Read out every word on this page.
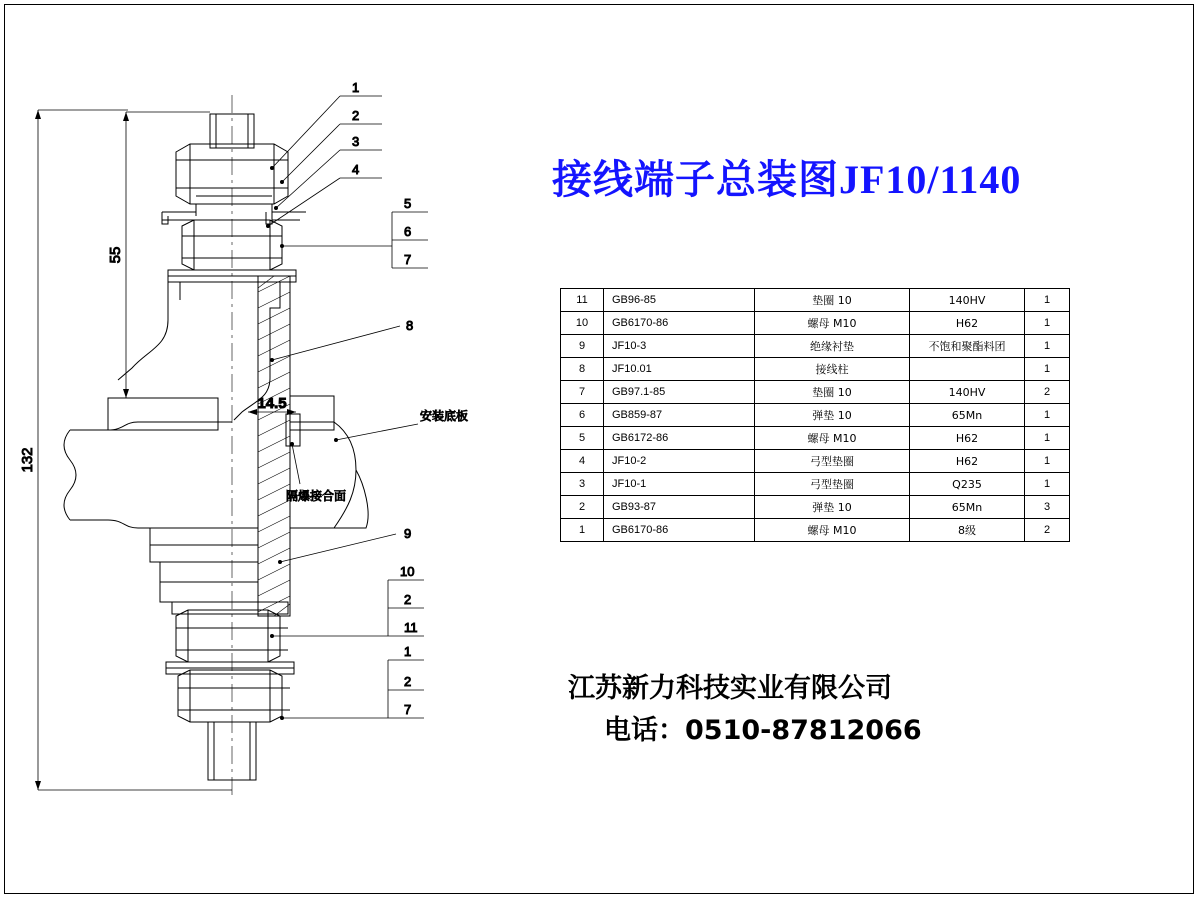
132
55
14.5
1
2
3
4
5
6
7
8
9
安装底板
隔爆接合面
10
2
11
1
2
7
接线端子总装图JF10/1140
11	GB96-85	垫圈 10	140HV	1
10	GB6170-86	螺母 M10	H62	1
9	JF10-3	绝缘衬垫	不饱和聚酯料团	1
8	JF10.01	接线柱		1
7	GB97.1-85	垫圈 10	140HV	2
6	GB859-87	弹垫 10	65Mn	1
5	GB6172-86	螺母 M10	H62	1
4	JF10-2	弓型垫圈	H62	1
3	JF10-1	弓型垫圈	Q235	1
2	GB93-87	弹垫 10	65Mn	3
1	GB6170-86	螺母 M10	8级	2
江苏新力科技实业有限公司
电话：0510-87812066
